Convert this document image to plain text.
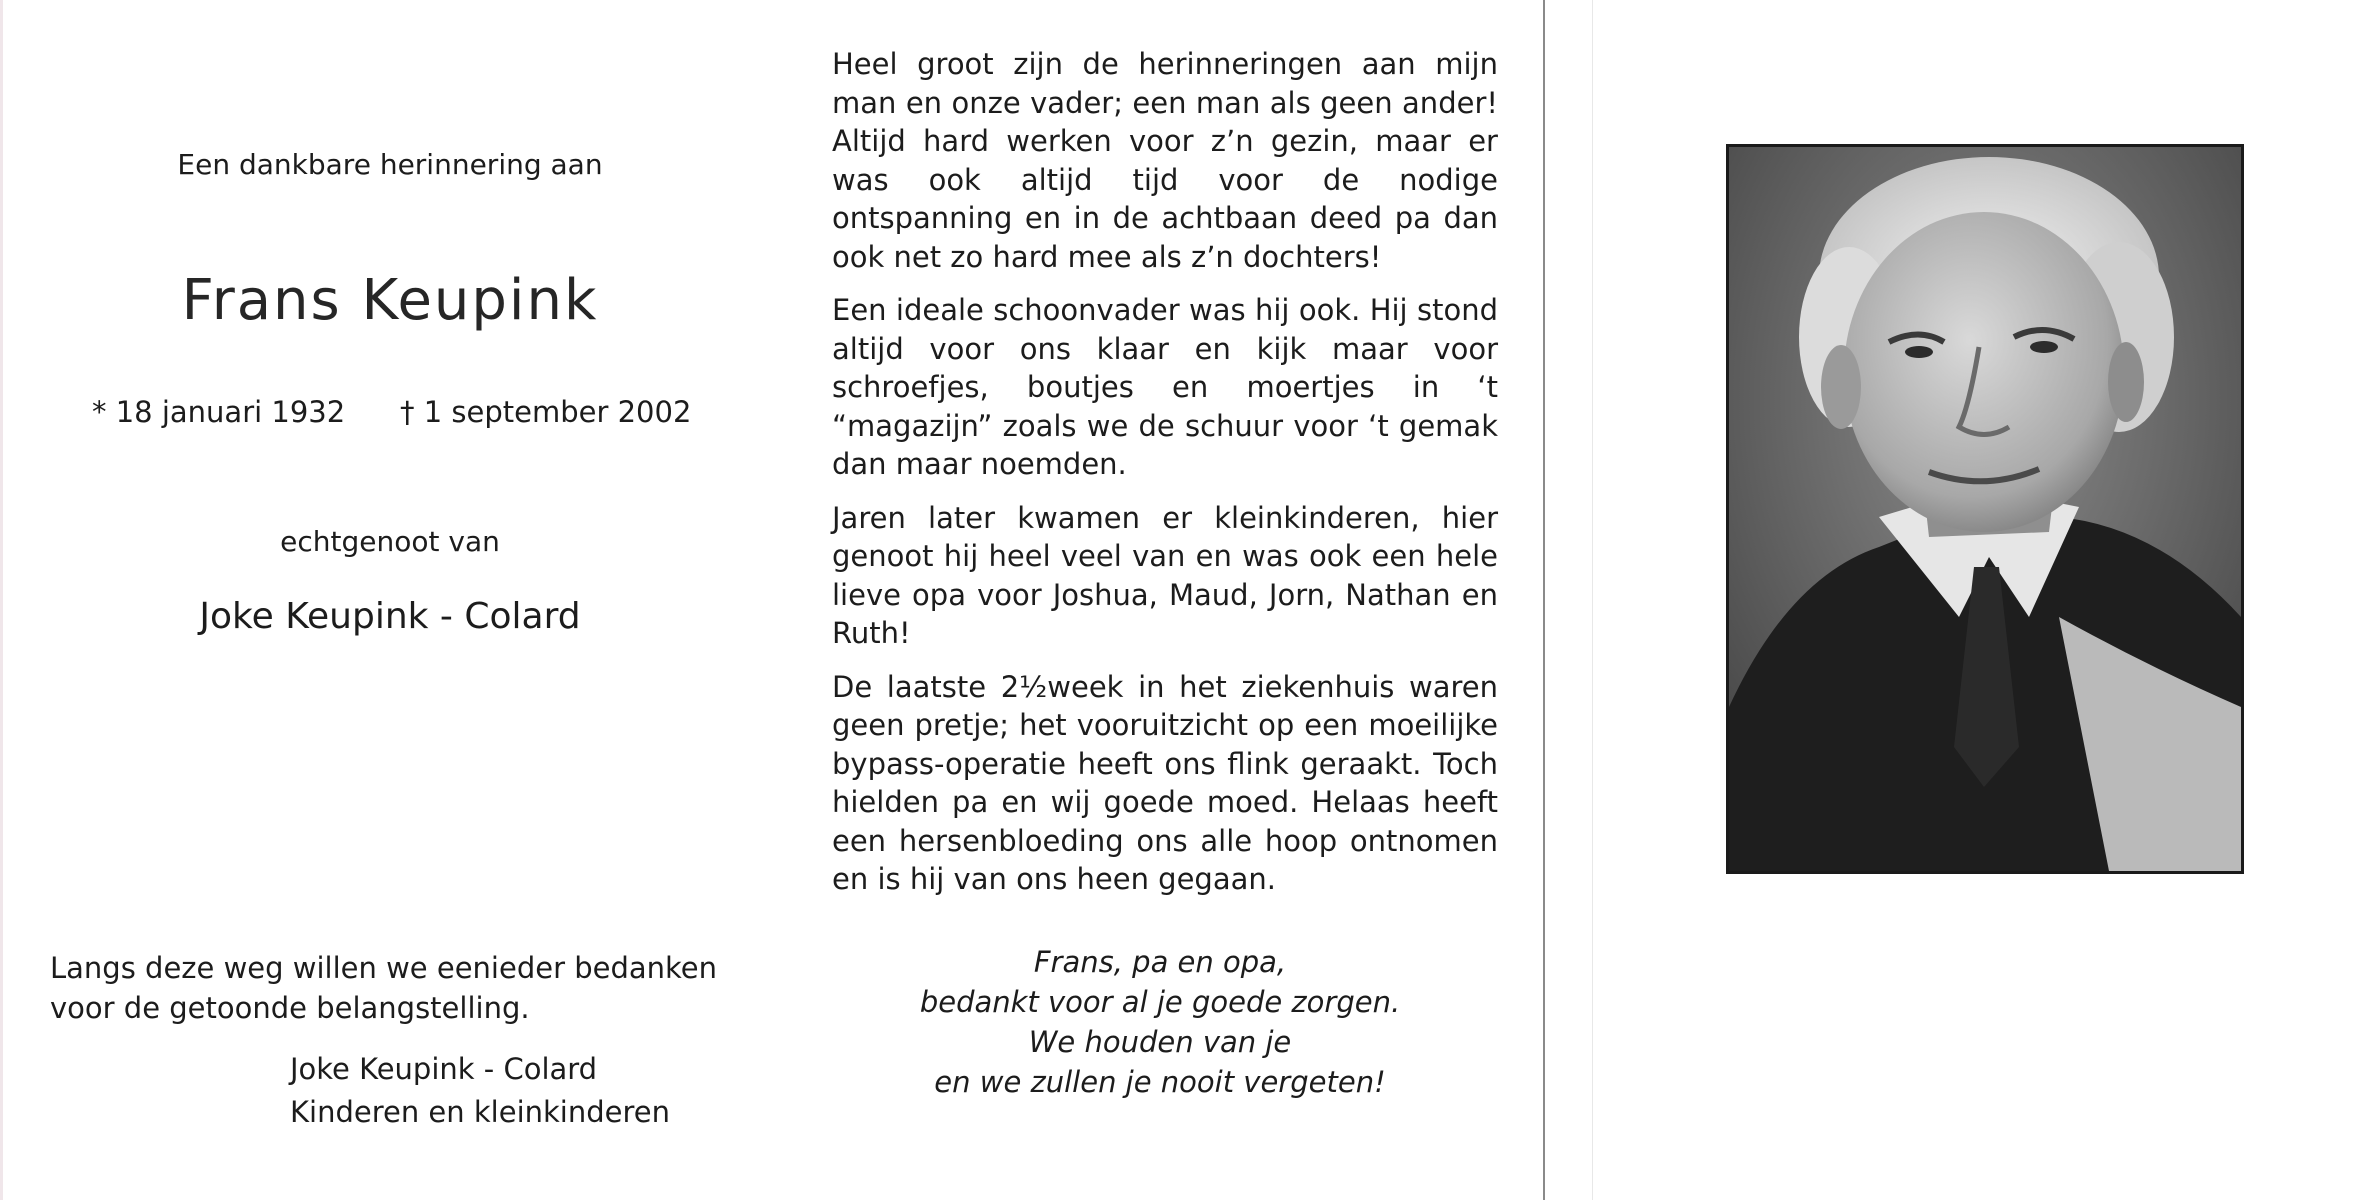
Een dankbare herinnering aan
Frans Keupink
* 18 januari 1932 † 1 september 2002
echtgenoot van
Joke Keupink - Colard
Langs deze weg willen we eenieder bedanken voor de getoonde belangstelling.
Joke Keupink - Colard
Kinderen en kleinkinderen

Heel groot zijn de herinneringen aan mijn man en onze vader; een man als geen ander! Altijd hard werken voor z’n gezin, maar er was ook altijd tijd voor de nodige ontspanning en in de achtbaan deed pa dan ook net zo hard mee als z’n dochters!

Een ideale schoonvader was hij ook. Hij stond altijd voor ons klaar en kijk maar voor schroefjes, boutjes en moertjes in ‘t “magazijn” zoals we de schuur voor ‘t gemak dan maar noemden.

Jaren later kwamen er kleinkinderen, hier genoot hij heel veel van en was ook een hele lieve opa voor Joshua, Maud, Jorn, Nathan en Ruth!

De laatste 2½week in het ziekenhuis waren geen pretje; het vooruitzicht op een moeilijke bypass-operatie heeft ons flink geraakt. Toch hielden pa en wij goede moed. Helaas heeft een hersenbloeding ons alle hoop ontnomen en is hij van ons heen gegaan.

Frans, pa en opa,
bedankt voor al je goede zorgen.
We houden van je
en we zullen je nooit vergeten!
